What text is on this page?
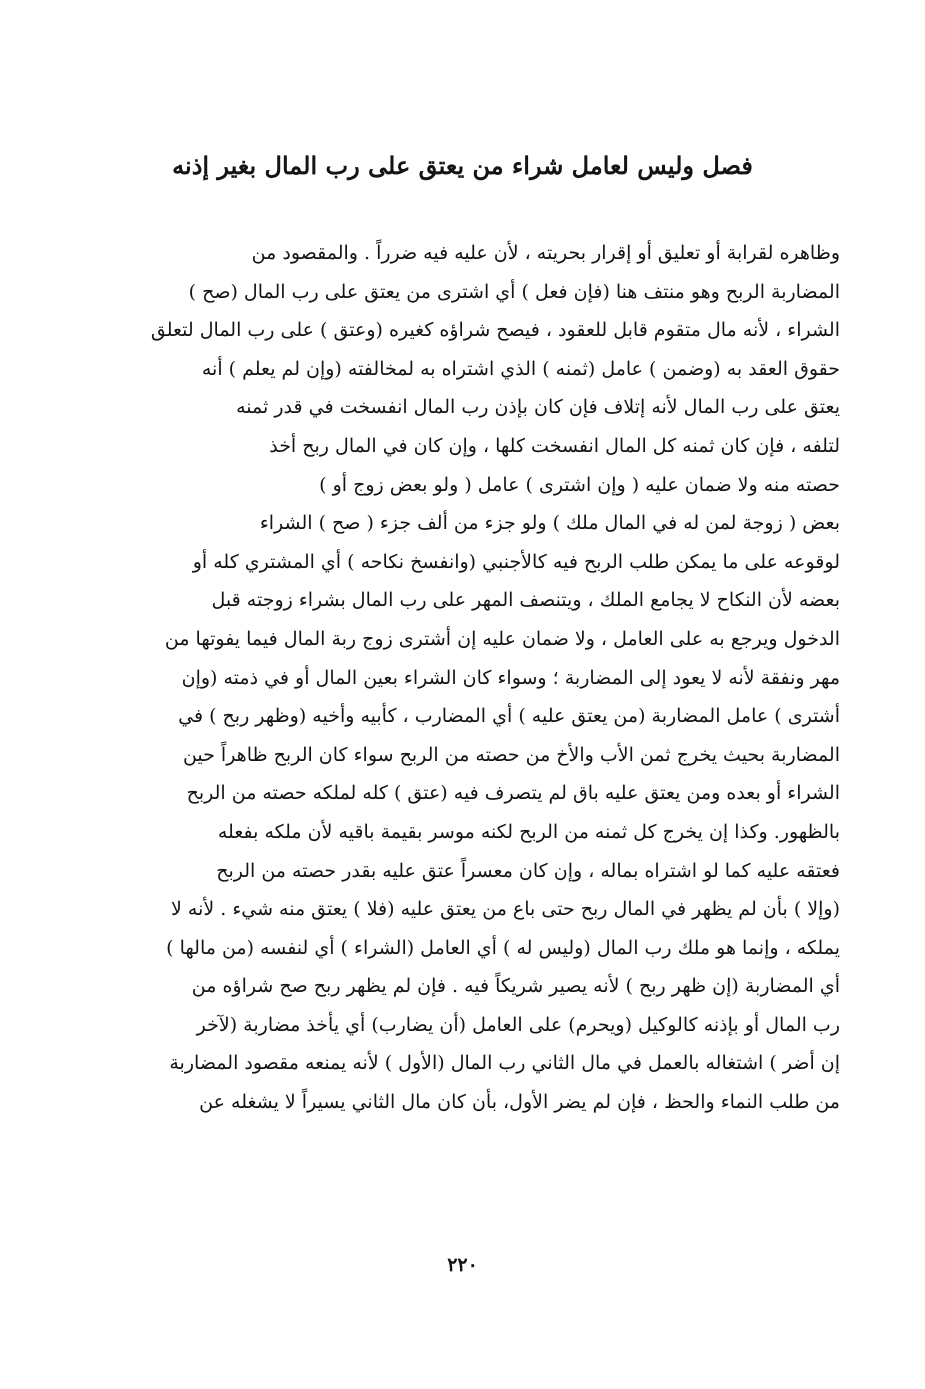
فصل وليس لعامل شراء من يعتق على رب المال بغير إذنه
وظاهره لقرابة أو تعليق أو إقرار بحريته ، لأن عليه فيه ضرراً . والمقصود من
المضاربة الربح وهو منتف هنا (فإن فعل ) أي اشترى من يعتق على رب المال (صح )
الشراء ، لأنه مال متقوم قابل للعقود ، فيصح شراؤه كغيره (وعتق ) على رب المال لتعلق
حقوق العقد به (وضمن ) عامل (ثمنه ) الذي اشتراه به لمخالفته (وإن لم يعلم ) أنه
يعتق على رب المال لأنه إتلاف فإن كان بإذن رب المال انفسخت في قدر ثمنه
لتلفه ، فإن كان ثمنه كل المال انفسخت كلها ، وإن كان في المال ربح أخذ
حصته منه ولا ضمان عليه ( وإن اشترى ) عامل ( ولو بعض زوج أو )
بعض ( زوجة لمن له في المال ملك ) ولو جزء من ألف جزء ( صح ) الشراء
لوقوعه على ما يمكن طلب الربح فيه كالأجنبي (وانفسخ نكاحه ) أي المشتري كله أو
بعضه لأن النكاح لا يجامع الملك ، ويتنصف المهر على رب المال بشراء زوجته قبل
الدخول ويرجع به على العامل ، ولا ضمان عليه إن أشترى زوج ربة المال فيما يفوتها من
مهر ونفقة لأنه لا يعود إلى المضاربة ؛ وسواء كان الشراء بعين المال أو في ذمته (وإن
أشترى ) عامل المضاربة (من يعتق عليه ) أي المضارب ، كأبيه وأخيه (وظهر ربح ) في
المضاربة بحيث يخرج ثمن الأب والأخ من حصته من الربح سواء كان الربح ظاهراً حين
الشراء أو بعده ومن يعتق عليه باق لم يتصرف فيه (عتق ) كله لملكه حصته من الربح
بالظهور. وكذا إن يخرج كل ثمنه من الربح لكنه موسر بقيمة باقيه لأن ملكه بفعله
فعتقه عليه كما لو اشتراه بماله ، وإن كان معسراً عتق عليه بقدر حصته من الربح
(وإلا ) بأن لم يظهر في المال ربح حتى باع من يعتق عليه (فلا ) يعتق منه شيء . لأنه لا
يملكه ، وإنما هو ملك رب المال (وليس له ) أي العامل (الشراء ) أي لنفسه (من مالها )
أي المضاربة (إن ظهر ربح ) لأنه يصير شريكاً فيه . فإن لم يظهر ربح صح شراؤه من
رب المال أو بإذنه كالوكيل (ويحرم) على العامل (أن يضارب) أي يأخذ مضاربة (لآخر
إن أضر ) اشتغاله بالعمل في مال الثاني رب المال (الأول ) لأنه يمنعه مقصود المضاربة
من طلب النماء والحظ ، فإن لم يضر الأول، بأن كان مال الثاني يسيراً لا يشغله عن
٢٢٠
